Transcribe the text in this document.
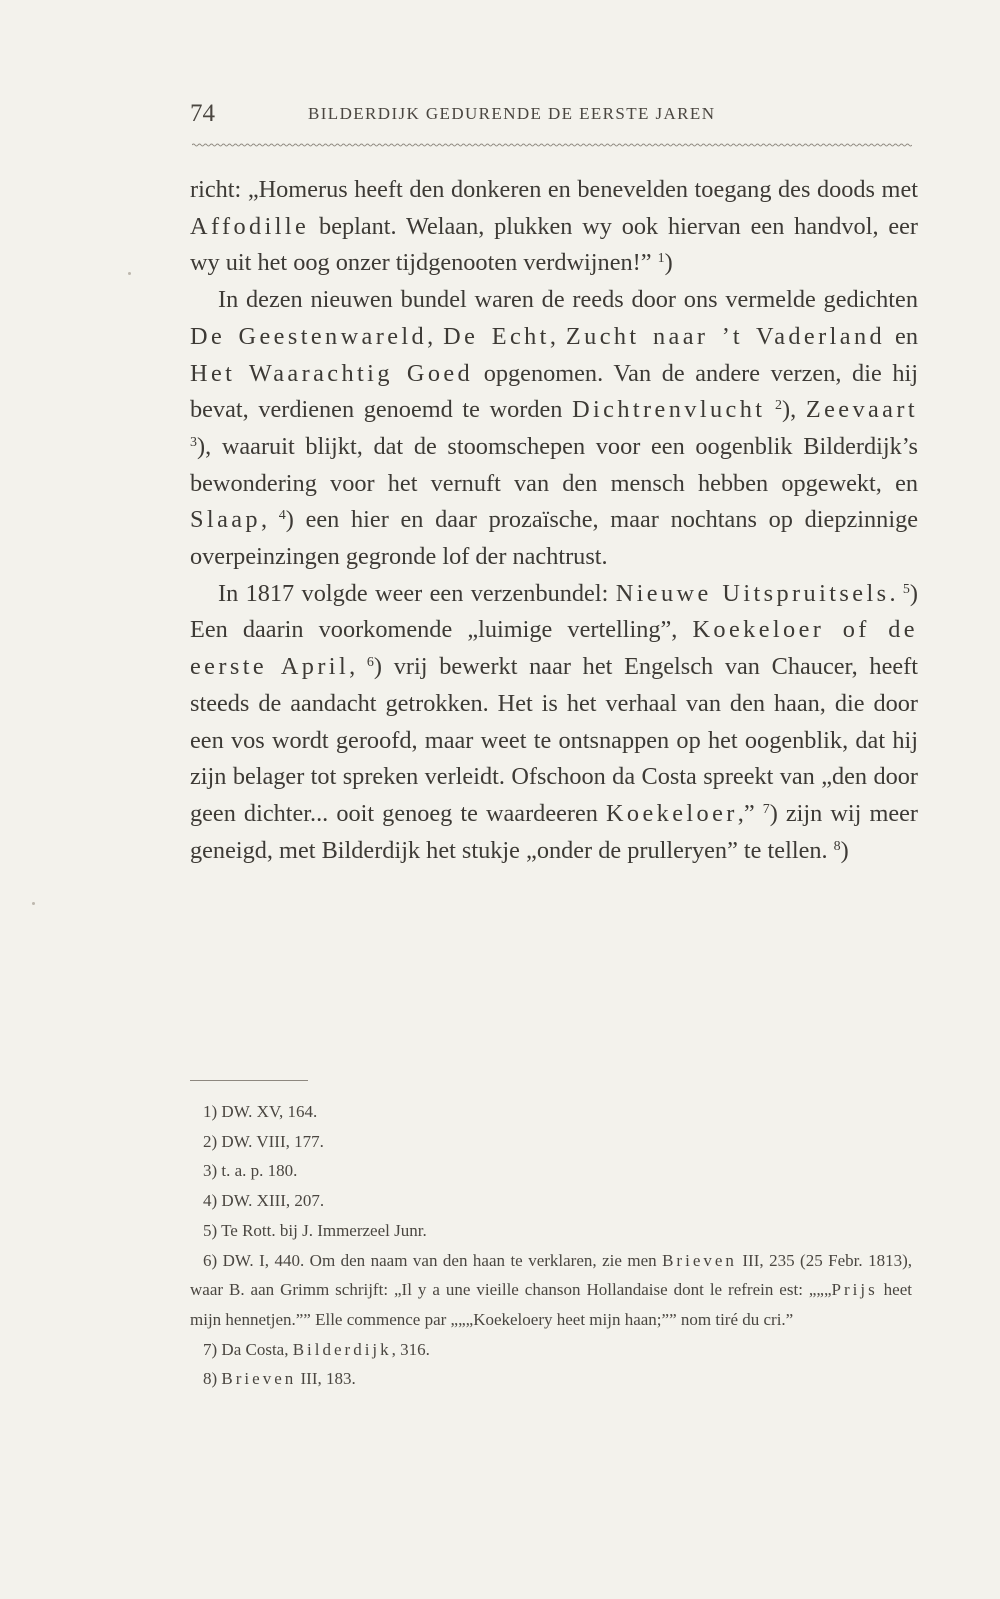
74	BILDERDIJK GEDURENDE DE EERSTE JAREN

richt: „Homerus heeft den donkeren en benevelden toegang des doods met Affodille beplant. Welaan, plukken wy ook hiervan een handvol, eer wy uit het oog onzer tijdgenooten verdwijnen!” $^1$)

In dezen nieuwen bundel waren de reeds door ons vermelde gedichten De Geestenwareld, De Echt, Zucht naar ’t Vaderland en Het Waarachtig Goed opgenomen. Van de andere verzen, die hij bevat, verdienen genoemd te worden Dichtrenvlucht $^2$), Zeevaart $^3$), waaruit blijkt, dat de stoomschepen voor een oogenblik Bilderdijk’s bewondering voor het vernuft van den mensch hebben opgewekt, en Slaap, $^4$) een hier en daar prozaïsche, maar nochtans op diepzinnige overpeinzingen gegronde lof der nachtrust.

In 1817 volgde weer een verzenbundel: Nieuwe Uitspruitsels. $^5$) Een daarin voorkomende „luimige vertelling”, Koekeloer of de eerste April, $^6$) vrij bewerkt naar het Engelsch van Chaucer, heeft steeds de aandacht getrokken. Het is het verhaal van den haan, die door een vos wordt geroofd, maar weet te ontsnappen op het oogenblik, dat hij zijn belager tot spreken verleidt. Ofschoon da Costa spreekt van „den door geen dichter... ooit genoeg te waardeeren Koekeloer,” $^7$) zijn wij meer geneigd, met Bilderdijk het stukje „onder de prulleryen” te tellen. $^8$)

1) DW. XV, 164.

2) DW. VIII, 177.

3) t. a. p. 180.

4) DW. XIII, 207.

5) Te Rott. bij J. Immerzeel Junr.

6) DW. I, 440. Om den naam van den haan te verklaren, zie men Brieven III, 235 (25 Febr. 1813), waar B. aan Grimm schrijft: „Il y a une vieille chanson Hollandaise dont le refrein est: „„„Prijs heet mijn hennetjen.”” Elle commence par „„„Koekeloery heet mijn haan;”” nom tiré du cri.”

7) Da Costa, Bilderdijk, 316.

8) Brieven III, 183.
